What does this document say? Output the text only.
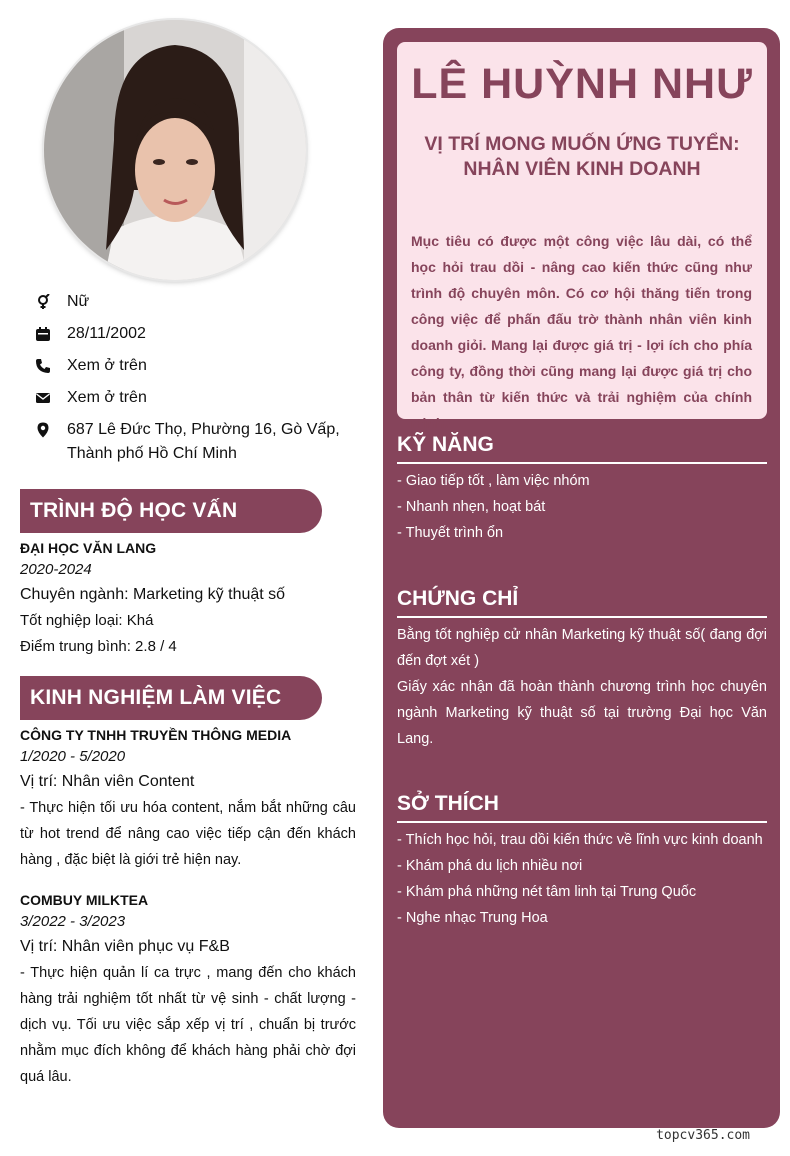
Nữ
28/11/2002
Xem ở trên
Xem ở trên
687 Lê Đức Thọ, Phường 16, Gò Vấp, Thành phố Hồ Chí Minh
TRÌNH ĐỘ HỌC VẤN
ĐẠI HỌC VĂN LANG
2020-2024
Chuyên ngành: Marketing kỹ thuật số
Tốt nghiệp loại: Khá
Điểm trung bình: 2.8 / 4
KINH NGHIỆM LÀM VIỆC
CÔNG TY TNHH TRUYỀN THÔNG MEDIA
1/2020 - 5/2020
Vị trí: Nhân viên Content
- Thực hiện tối ưu hóa content, nắm bắt những câu từ hot trend để nâng cao việc tiếp cận đến khách hàng , đặc biệt là giới trẻ hiện nay.
COMBUY MILKTEA
3/2022 - 3/2023
Vị trí: Nhân viên phục vụ F&B
- Thực hiện quản lí ca trực , mang đến cho khách hàng trải nghiệm tốt nhất từ vệ sinh - chất lượng - dịch vụ. Tối ưu việc sắp xếp vị trí , chuẩn bị trước nhằm mục đích không để khách hàng phải chờ đợi quá lâu.
LÊ HUỲNH NHƯ
VỊ TRÍ MONG MUỐN ỨNG TUYỂN: NHÂN VIÊN KINH DOANH
Mục tiêu có được một công việc lâu dài, có thể học hỏi trau dồi - nâng cao kiến thức cũng như trình độ chuyên môn. Có cơ hội thăng tiến trong công việc để phấn đấu trờ thành nhân viên kinh doanh giỏi. Mang lại được giá trị - lợi ích cho phía công ty, đồng thời cũng mang lại được giá trị cho bản thân từ kiến thức và trải nghiệm của chính mình.
KỸ NĂNG
- Giao tiếp tốt , làm việc nhóm
- Nhanh nhẹn, hoạt bát
- Thuyết trình ổn
CHỨNG CHỈ
Bằng tốt nghiệp cử nhân Marketing kỹ thuật số( đang đợi đến đợt xét )
Giấy xác nhận đã hoàn thành chương trình học chuyên ngành Marketing kỹ thuật số tại trường Đại học Văn Lang.
SỞ THÍCH
- Thích học hỏi, trau dồi kiến thức về lĩnh vực kinh doanh
- Khám phá du lịch nhiều nơi
- Khám phá những nét tâm linh tại Trung Quốc
- Nghe nhạc Trung Hoa
topcv365.com
